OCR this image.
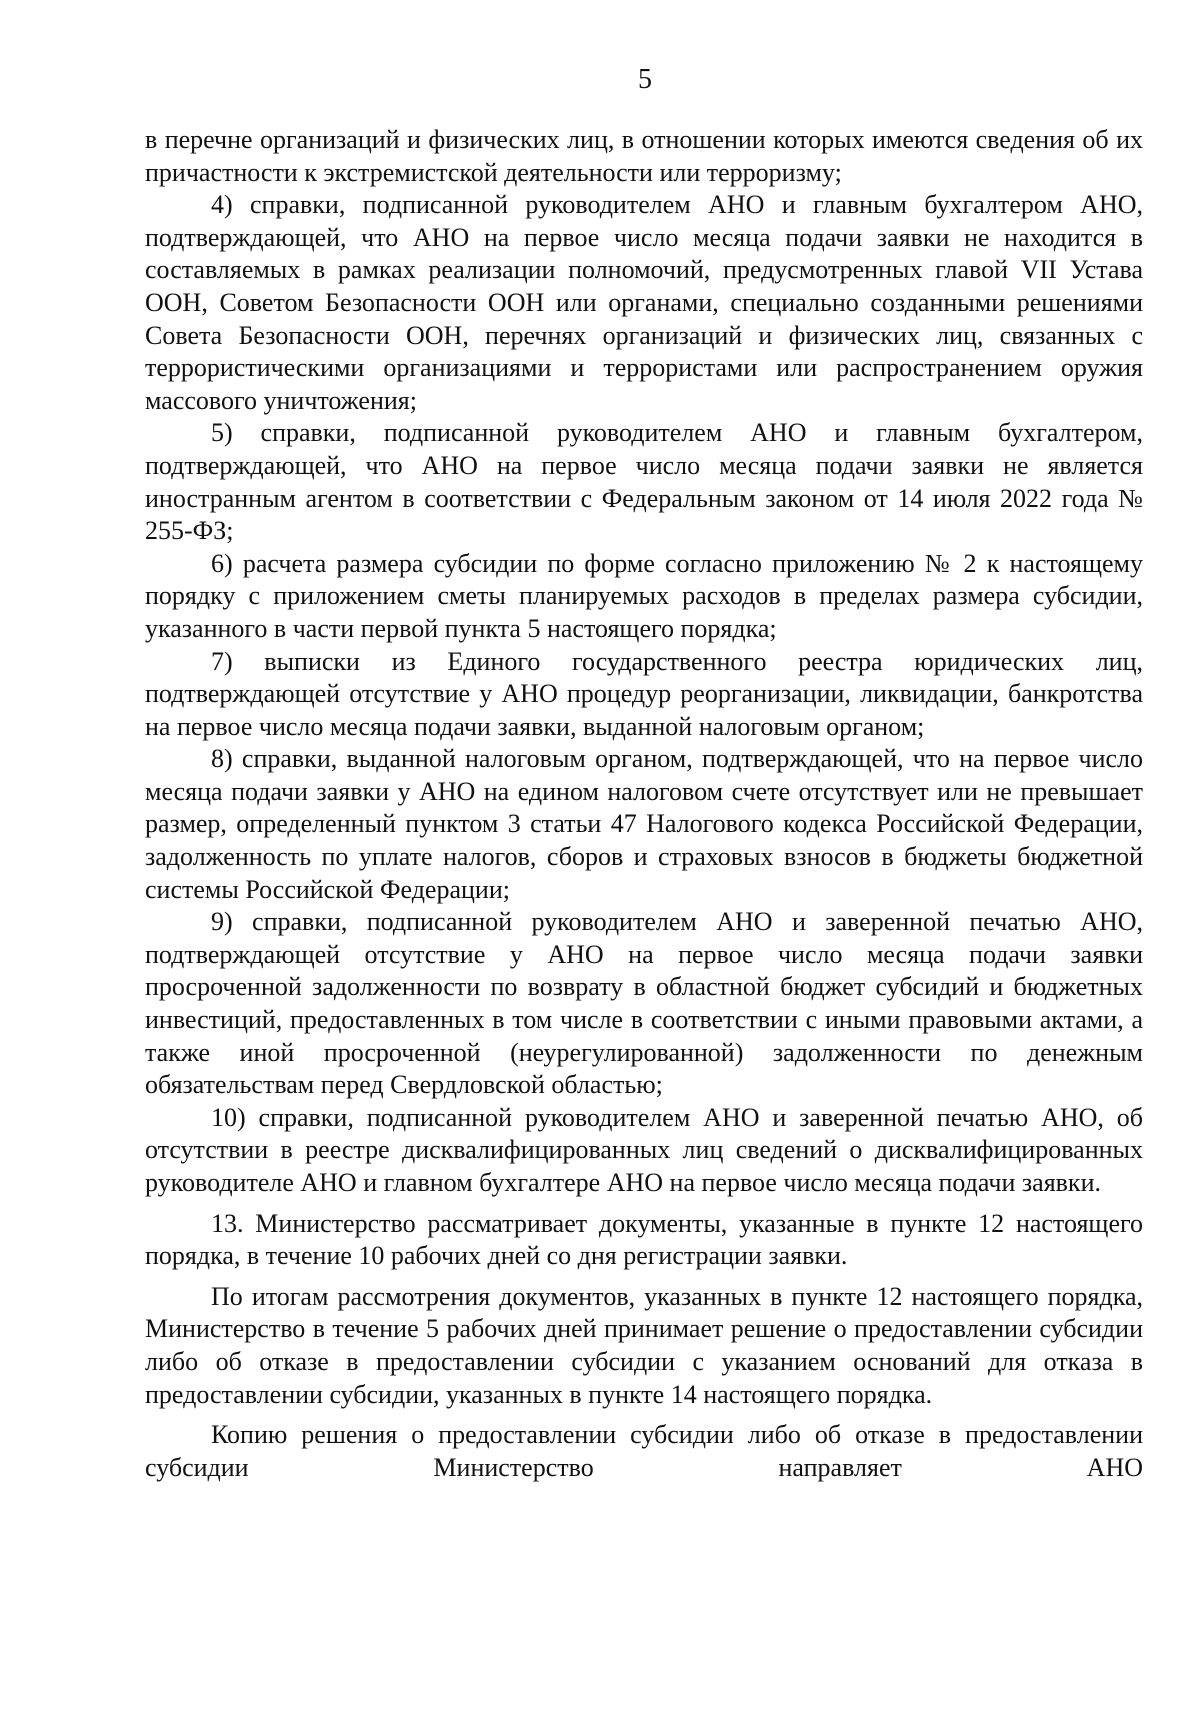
5

в перечне организаций и физических лиц, в отношении которых имеются сведения об их причастности к экстремистской деятельности или терроризму;

4) справки, подписанной руководителем АНО и главным бухгалтером АНО, подтверждающей, что АНО на первое число месяца подачи заявки не находится в составляемых в рамках реализации полномочий, предусмотренных главой VII Устава ООН, Советом Безопасности ООН или органами, специально созданными решениями Совета Безопасности ООН, перечнях организаций и физических лиц, связанных с террористическими организациями и террористами или распространением оружия массового уничтожения;

5) справки, подписанной руководителем АНО и главным бухгалтером, подтверждающей, что АНО на первое число месяца подачи заявки не является иностранным агентом в соответствии с Федеральным законом от 14 июля 2022 года № 255-ФЗ;

6) расчета размера субсидии по форме согласно приложению № 2 к настоящему порядку с приложением сметы планируемых расходов в пределах размера субсидии, указанного в части первой пункта 5 настоящего порядка;

7) выписки из Единого государственного реестра юридических лиц, подтверждающей отсутствие у АНО процедур реорганизации, ликвидации, банкротства на первое число месяца подачи заявки, выданной налоговым органом;

8) справки, выданной налоговым органом, подтверждающей, что на первое число месяца подачи заявки у АНО на едином налоговом счете отсутствует или не превышает размер, определенный пунктом 3 статьи 47 Налогового кодекса Российской Федерации, задолженность по уплате налогов, сборов и страховых взносов в бюджеты бюджетной системы Российской Федерации;

9) справки, подписанной руководителем АНО и заверенной печатью АНО, подтверждающей отсутствие у АНО на первое число месяца подачи заявки просроченной задолженности по возврату в областной бюджет субсидий и бюджетных инвестиций, предоставленных в том числе в соответствии с иными правовыми актами, а также иной просроченной (неурегулированной) задолженности по денежным обязательствам перед Свердловской областью;

10) справки, подписанной руководителем АНО и заверенной печатью АНО, об отсутствии в реестре дисквалифицированных лиц сведений о дисквалифицированных руководителе АНО и главном бухгалтере АНО на первое число месяца подачи заявки.

13. Министерство рассматривает документы, указанные в пункте 12 настоящего порядка, в течение 10 рабочих дней со дня регистрации заявки.

По итогам рассмотрения документов, указанных в пункте 12 настоящего порядка, Министерство в течение 5 рабочих дней принимает решение о предоставлении субсидии либо об отказе в предоставлении субсидии с указанием оснований для отказа в предоставлении субсидии, указанных в пункте 14 настоящего порядка.

Копию решения о предоставлении субсидии либо об отказе в предоставлении субсидии Министерство направляет АНО
